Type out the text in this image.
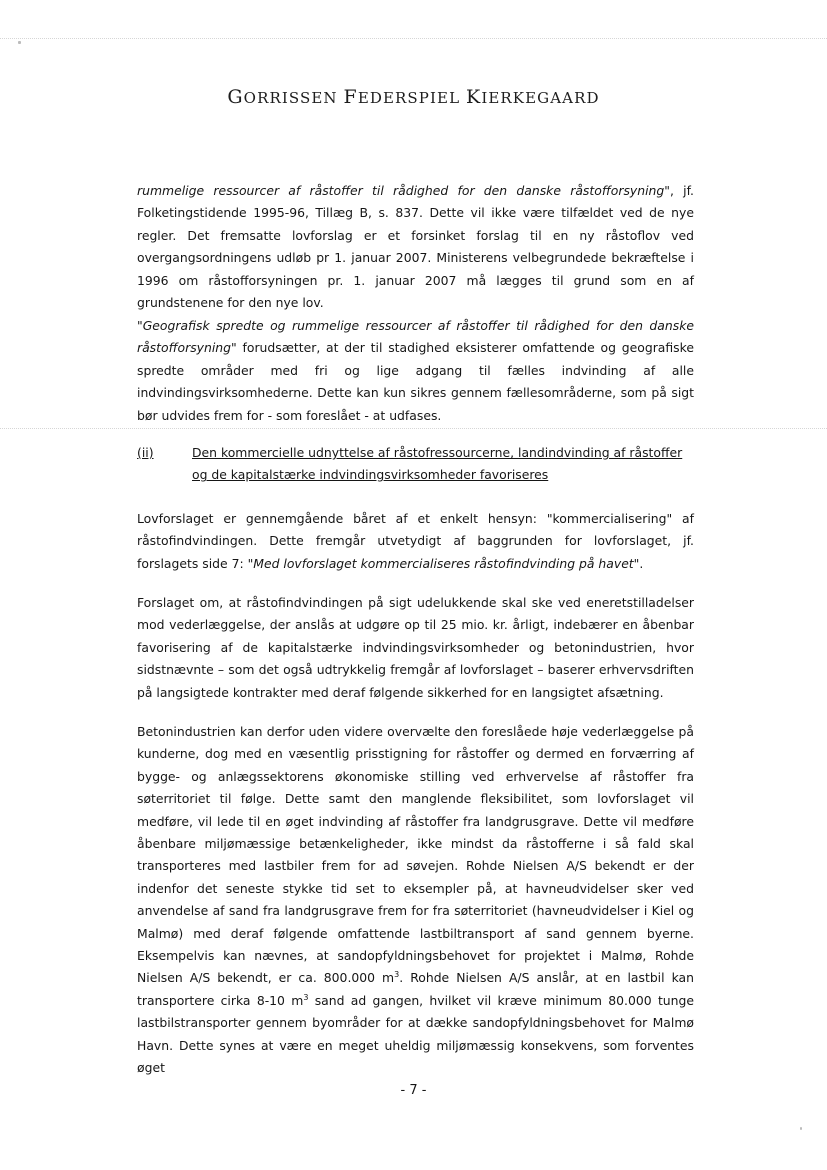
GORRISSEN FEDERSPIEL KIERKEGAARD
rummelige ressourcer af råstoffer til rådighed for den danske råstofforsyning", jf. Folketingstidende 1995-96, Tillæg B, s. 837. Dette vil ikke være tilfældet ved de nye regler. Det fremsatte lovforslag er et forsinket forslag til en ny råstoflov ved overgangsordningens udløb pr 1. januar 2007. Ministerens velbegrundede bekræftelse i 1996 om råstofforsyningen pr. 1. januar 2007 må lægges til grund som en af grundstenene for den nye lov.
"Geografisk spredte og rummelige ressourcer af råstoffer til rådighed for den danske råstofforsyning" forudsætter, at der til stadighed eksisterer omfattende og geografiske spredte områder med fri og lige adgang til fælles indvinding af alle indvindingsvirksomhederne. Dette kan kun sikres gennem fællesområderne, som på sigt bør udvides frem for - som foreslået - at udfases.
(ii)	Den kommercielle udnyttelse af råstofressourcerne, landindvinding af råstoffer og de kapitalstærke indvindingsvirksomheder favoriseres
Lovforslaget er gennemgående båret af et enkelt hensyn: "kommercialisering" af råstofindvindingen. Dette fremgår utvetydigt af baggrunden for lovforslaget, jf. forslagets side 7: "Med lovforslaget kommercialiseres råstofindvinding på havet".
Forslaget om, at råstofindvindingen på sigt udelukkende skal ske ved eneretstilladelser mod vederlæggelse, der anslås at udgøre op til 25 mio. kr. årligt, indebærer en åbenbar favorisering af de kapitalstærke indvindingsvirksomheder og betonindustrien, hvor sidstnævnte – som det også udtrykkelig fremgår af lovforslaget – baserer erhvervsdriften på langsigtede kontrakter med deraf følgende sikkerhed for en langsigtet afsætning.
Betonindustrien kan derfor uden videre overvælte den foreslåede høje vederlæggelse på kunderne, dog med en væsentlig prisstigning for råstoffer og dermed en forværring af bygge- og anlægssektorens økonomiske stilling ved erhvervelse af råstoffer fra søterritoriet til følge. Dette samt den manglende fleksibilitet, som lovforslaget vil medføre, vil lede til en øget indvinding af råstoffer fra landgrusgrave. Dette vil medføre åbenbare miljømæssige betænkeligheder, ikke mindst da råstofferne i så fald skal transporteres med lastbiler frem for ad søvejen. Rohde Nielsen A/S bekendt er der indenfor det seneste stykke tid set to eksempler på, at havneudvidelser sker ved anvendelse af sand fra landgrusgrave frem for fra søterritoriet (havneudvidelser i Kiel og Malmø) med deraf følgende omfattende lastbiltransport af sand gennem byerne. Eksempelvis kan nævnes, at sandopfyldningsbehovet for projektet i Malmø, Rohde Nielsen A/S bekendt, er ca. 800.000 $m^3$. Rohde Nielsen A/S anslår, at en lastbil kan transportere cirka 8-10 $m^3$ sand ad gangen, hvilket vil kræve minimum 80.000 tunge lastbilstransporter gennem byområder for at dække sandopfyldningsbehovet for Malmø Havn. Dette synes at være en meget uheldig miljømæssig konsekvens, som forventes øget
- 7 -
